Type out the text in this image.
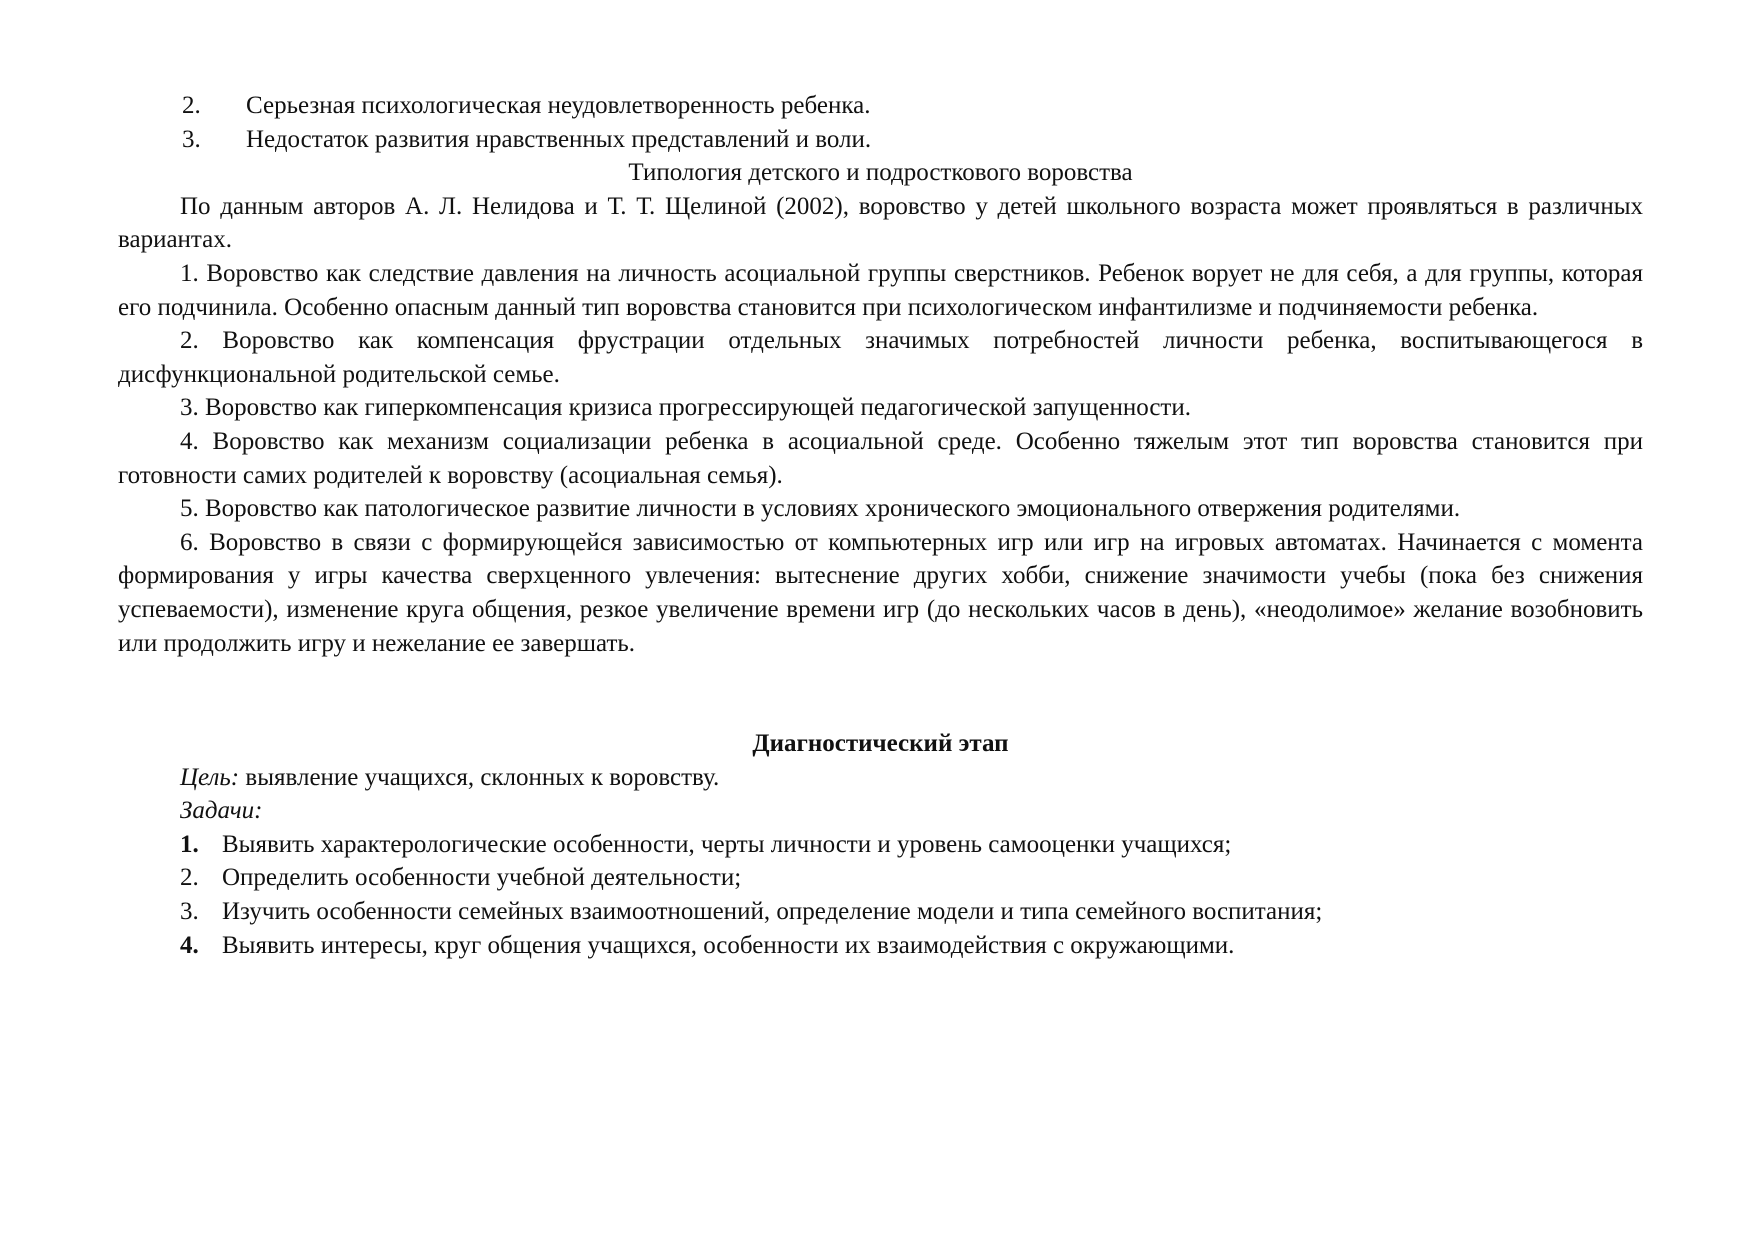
2.	Серьезная психологическая неудовлетворенность ребенка.
3.	Недостаток развития нравственных представлений и воли.

Типология детского и подросткового воровства

По данным авторов А. Л. Нелидова и Т. Т. Щелиной (2002), воровство у детей школьного возраста может проявляться в различных вариантах.

1. Воровство как следствие давления на личность асоциальной группы сверстников. Ребенок ворует не для себя, а для группы, которая его подчинила. Особенно опасным данный тип воровства становится при психологическом инфантилизме и подчиняемости ребенка.

2. Воровство как компенсация фрустрации отдельных значимых потребностей личности ребенка, воспитывающегося в дисфункциональной родительской семье.

3. Воровство как гиперкомпенсация кризиса прогрессирующей педагогической запущенности.

4. Воровство как механизм социализации ребенка в асоциальной среде. Особенно тяжелым этот тип воровства становится при готовности самих родителей к воровству (асоциальная семья).

5. Воровство как патологическое развитие личности в условиях хронического эмоционального отвержения родителями.

6. Воровство в связи с формирующейся зависимостью от компьютерных игр или игр на игровых автоматах. Начинается с момента формирования у игры качества сверхценного увлечения: вытеснение других хобби, снижение значимости учебы (пока без снижения успеваемости), изменение круга общения, резкое увеличение времени игр (до нескольких часов в день), «неодолимое» желание возобновить или продолжить игру и нежелание ее завершать.

Диагностический этап

Цель: выявление учащихся, склонных к воровству.

Задачи:

1. Выявить характерологические особенности, черты личности и уровень самооценки учащихся;
2. Определить особенности учебной деятельности;
3. Изучить особенности семейных взаимоотношений, определение модели и типа семейного воспитания;
4. Выявить интересы, круг общения учащихся, особенности их взаимодействия с окружающими.
